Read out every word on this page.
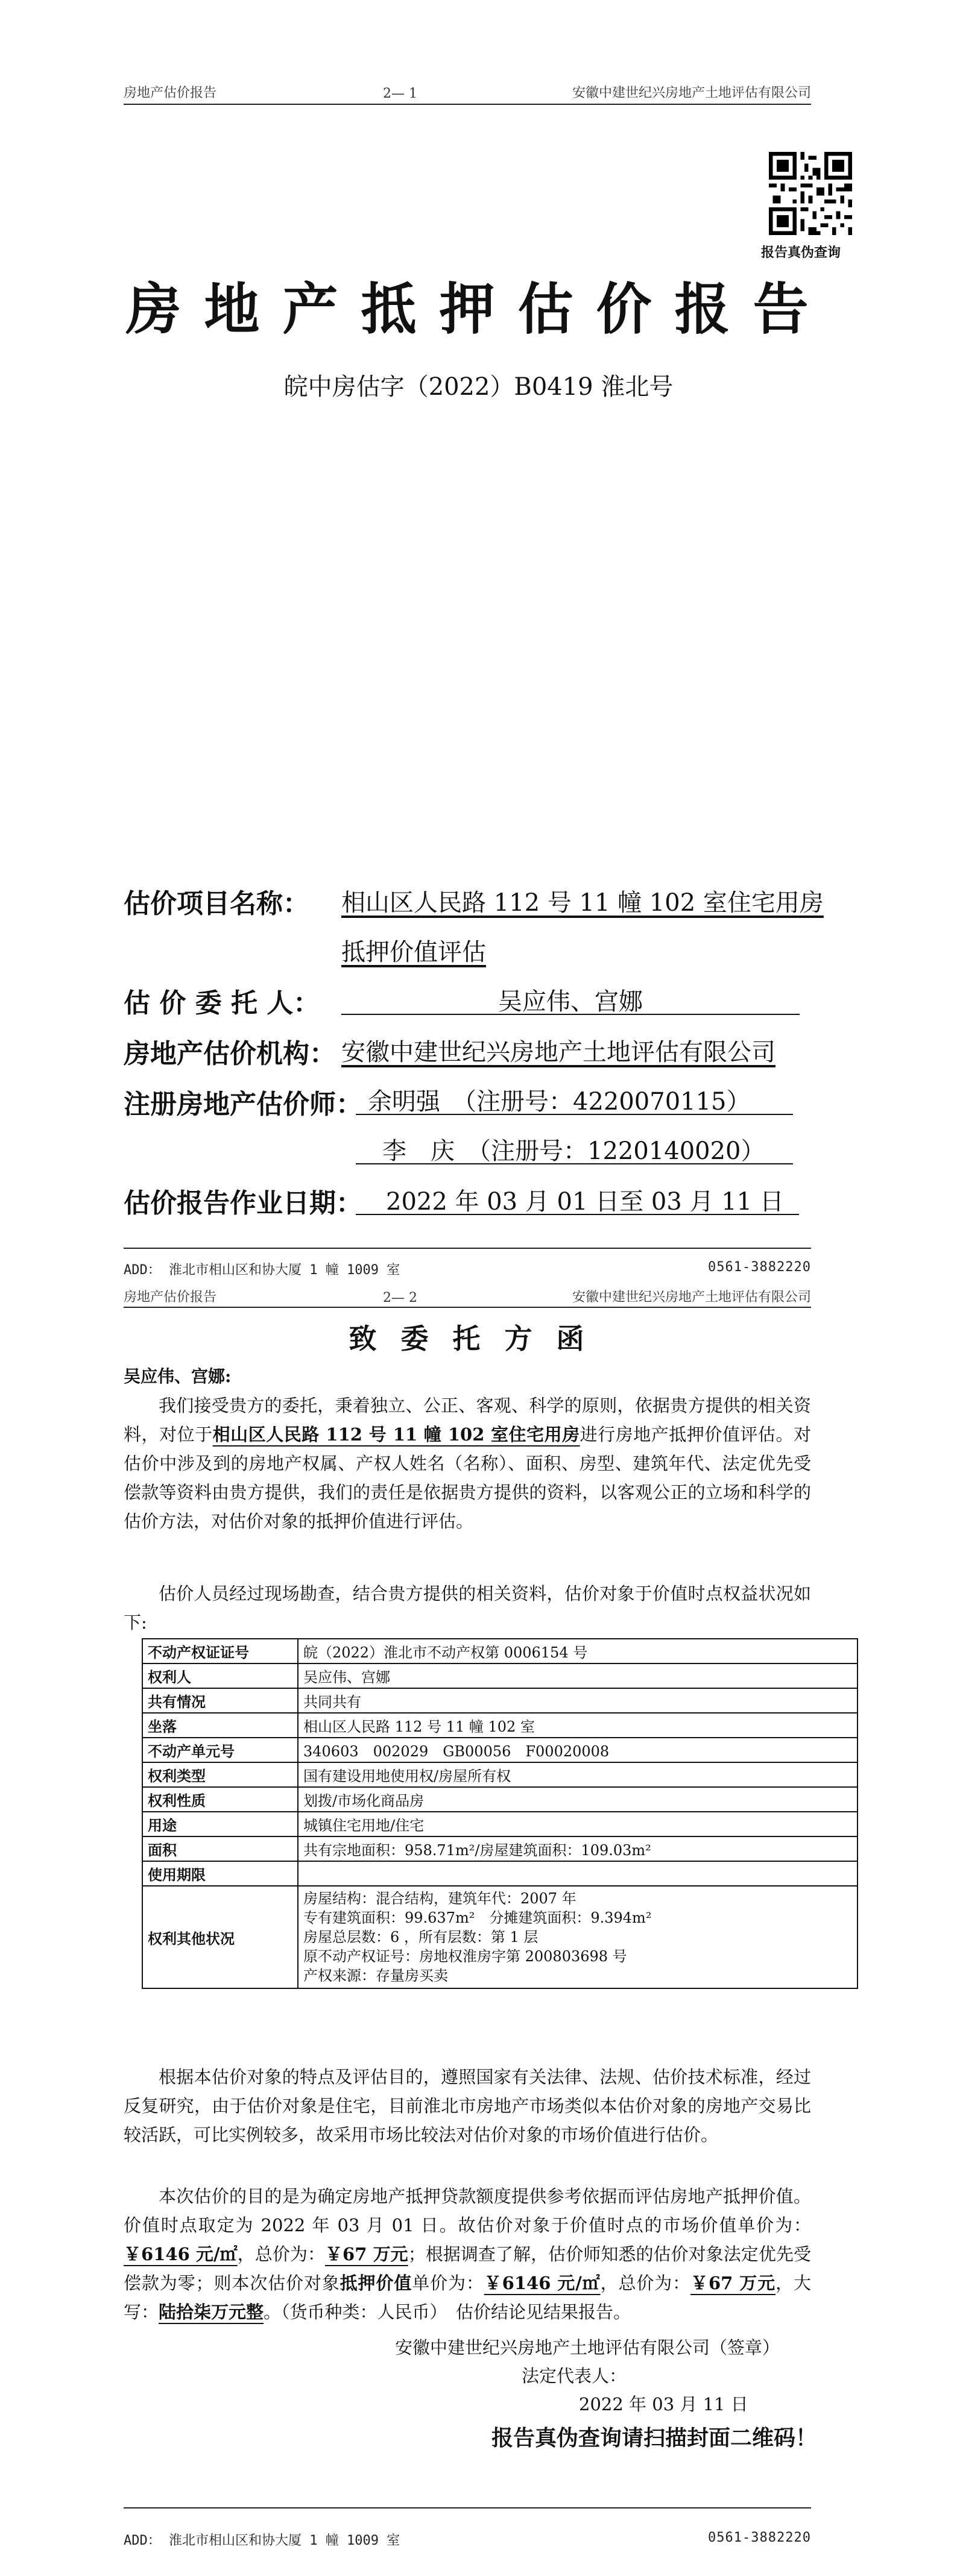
房地产估价报告	2— 1	安徽中建世纪兴房地产土地评估有限公司
报告真伪查询
房地产抵押估价报告
皖中房估字（2022）B0419 淮北号
估价项目名称： 相山区人民路 112 号 11 幢 102 室住宅用房
抵押价值评估
估 价 委 托 人：	吴应伟、宫娜
房地产估价机构： 安徽中建世纪兴房地产土地评估有限公司
注册房地产估价师： 余明强　（注册号：4220070115）
李　庆　（注册号：1220140020）
估价报告作业日期： 2022 年 03 月 01 日至 03 月 11 日
ADD： 淮北市相山区和协大厦 1 幢 1009 室	0561-3882220
房地产估价报告	2— 2	安徽中建世纪兴房地产土地评估有限公司
致委托方函
吴应伟、宫娜:
我们接受贵方的委托，秉着独立、公正、客观、科学的原则，依据贵方提供的相关资料，对位于相山区人民路 112 号 11 幢 102 室住宅用房进行房地产抵押价值评估。对估价中涉及到的房地产权属、产权人姓名（名称）、面积、房型、建筑年代、法定优先受偿款等资料由贵方提供，我们的责任是依据贵方提供的资料，以客观公正的立场和科学的估价方法，对估价对象的抵押价值进行评估。
估价人员经过现场勘查，结合贵方提供的相关资料，估价对象于价值时点权益状况如下:
不动产权证证号	皖（2022）淮北市不动产权第 0006154 号
权利人	吴应伟、宫娜
共有情况	共同共有
坐落	相山区人民路 112 号 11 幢 102 室
不动产单元号	340603　002029　GB00056　F00020008
权利类型	国有建设用地使用权/房屋所有权
权利性质	划拨/市场化商品房
用途	城镇住宅用地/住宅
面积	共有宗地面积：958.71m²/房屋建筑面积：109.03m²
使用期限	
权利其他状况	房屋结构：混合结构，建筑年代：2007 年
专有建筑面积：99.637m²　分摊建筑面积：9.394m²
房屋总层数：6 ，所有层数：第 1 层
原不动产权证号：房地权淮房字第 200803698 号
产权来源：存量房买卖
根据本估价对象的特点及评估目的，遵照国家有关法律、法规、估价技术标准，经过反复研究，由于估价对象是住宅，目前淮北市房地产市场类似本估价对象的房地产交易比较活跃，可比实例较多，故采用市场比较法对估价对象的市场价值进行估价。
本次估价的目的是为确定房地产抵押贷款额度提供参考依据而评估房地产抵押价值。价值时点取定为 2022 年 03 月 01 日。故估价对象于价值时点的市场价值单价为：￥6146 元/㎡，总价为：￥67 万元；根据调查了解，估价师知悉的估价对象法定优先受偿款为零；则本次估价对象抵押价值单价为：￥6146 元/㎡，总价为：￥67 万元，大写：陆拾柒万元整。（货币种类：人民币）　估价结论见结果报告。
安徽中建世纪兴房地产土地评估有限公司（签章）
法定代表人：
2022 年 03 月 11 日
报告真伪查询请扫描封面二维码！
ADD： 淮北市相山区和协大厦 1 幢 1009 室	0561-3882220
